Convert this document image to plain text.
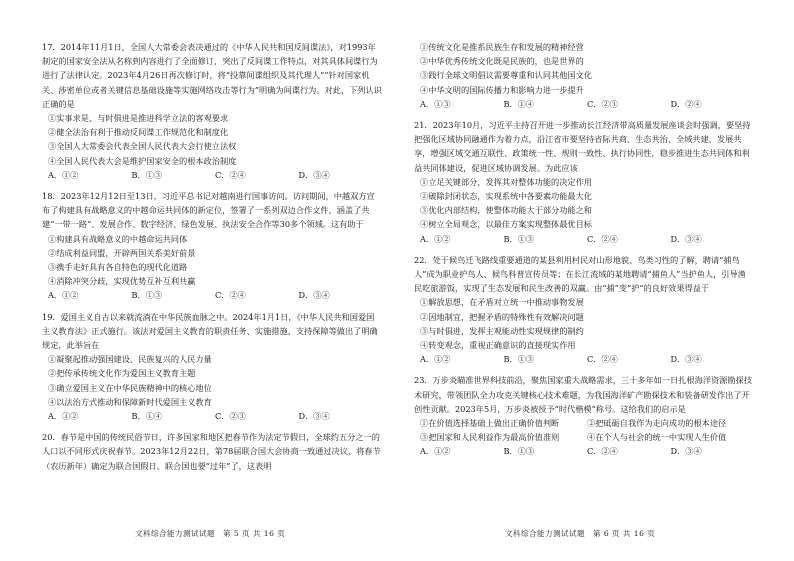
17．2014年11月1日，全国人大常委会表决通过的《中华人民共和国反间谍法》，对1993年制定的国家安全法从名称到内容进行了全面修订，突出了反间谍工作特点，对其具体间谍行为进行了法律认定。2023年4月26日再次修订时，将“投靠间谍组织及其代理人”“针对国家机关、涉密单位或者关键信息基础设施等实施网络攻击等行为”明确为间谍行为。对此，下列认识正确的是
①实事求是、与时俱进是推进科学立法的客观要求
②健全法治有利于推动反间谍工作规范化和制度化
③全国人大常委会代表全国人民代表大会行使立法权
④全国人民代表大会是维护国家安全的根本政治制度
A．①②	B．①③	C．②④	D．③④
18．2023年12月12日至13日，习近平总书记对越南进行国事访问。访问期间，中越双方宣布了构建具有战略意义的中越命运共同体的新定位，签署了一系列双边合作文件，涵盖了共建“一带一路”、发展合作、数字经济、绿色发展、执法安全合作等30多个领域。这有助于
①构建具有战略意义的中越命运共同体
②结成利益同盟，开辟两国关系美好前景
③携手走好具有各自特色的现代化道路
④消除冲突分歧，实现优势互补互利共赢
A．①②	B．①③	C．②④	D．③④
19．爱国主义自古以来就流淌在中华民族血脉之中。2024年1月1日，《中华人民共和国爱国主义教育法》正式施行。该法对爱国主义教育的职责任务、实施措施、支持保障等做出了明确规定，此举旨在
①凝聚起推动强国建设、民族复兴的人民力量
②把传承传统文化作为爱国主义教育主题
③确立爱国主义在中华民族精神中的核心地位
④以法治方式推动和保障新时代爱国主义教育
A．①②	B．①④	C．②③	D．③④
20．春节是中国的传统民俗节日，许多国家和地区把春节作为法定节假日，全球约五分之一的人口以不同形式庆祝春节。2023年12月22日，第78届联合国大会协商一致通过决议，将春节（农历新年）确定为联合国假日。联合国也要“过年”了，这表明
①传统文化是推系民族生存和发展的精神经营
②中华优秀传统文化既是民族的，也是世界的
③践行全球文明倡议需要尊重和认同其他国文化
④中华文明的国际传播力和影响力进一步提升
A．①③	B．①④	C．②③	D．②④
21．2023年10月，习近平主持召开进一步推动长江经济带高质量发展座谈会时强调，要坚持把强化区域协同融通作为着力点，沿江省市要坚持省际共商、生态共治、全域共建、发展共享，增强区域交通互联性、政策统一性、规则一致性、执行协同性，稳步推进生态共同体和利益共同体建设，促进区域协调发展。为此应该
①立足关键部分，发挥其对整体功能的决定作用
②破除封闭状态，实现系统中各要素功能最大化
③优化内部结构，使整体功能大于部分功能之和
④树立全局观念，以最佳方案实现整体最优目标
A．①②	B．①③	C．②④	D．③④
22．处于候鸟迁飞路线重要通道的某县利用村民对山形地貌、鸟类习性的了解，聘请“捕鸟人”成为职业护鸟人、候鸟科普宣传员等；在长江流域的某地聘请“捕鱼人”当护鱼人，引导渔民吃旅游饭，实现了生态发展和民生改善的双赢。由“捕”变“护”的良好效果得益于
①解放思想，在矛盾对立统一中推动事物发展
②因地制宜，把握矛盾的特殊性有效解决问题
③与时俱进，发挥主观能动性实现规律的制约
④转变观念，重视正确意识的直接现实作用
A．①②	B．①③	C．②④	D．③④
23．万步炎瞄准世界科技前沿，聚焦国家重大战略需求，三十多年如一日扎根海洋资源勘探技术研究，带领团队全力攻克关键核心技术难题，为我国海洋矿产勘探技术和装备研发作出了开创性贡献。2023年5月，万步炎被授予“时代楷模”称号。这给我们的启示是
①在价值选择基础上做出正确价值判断	②把砥砺自我作为走向成功的根本途径
③把国家和人民利益作为最高价值准则	④在个人与社会的统一中实现人生价值
A．①②	B．①③	C．②④	D．③④
文科综合能力测试试题　第 5 页 共 16 页	文科综合能力测试试题　第 6 页 共 16 页
